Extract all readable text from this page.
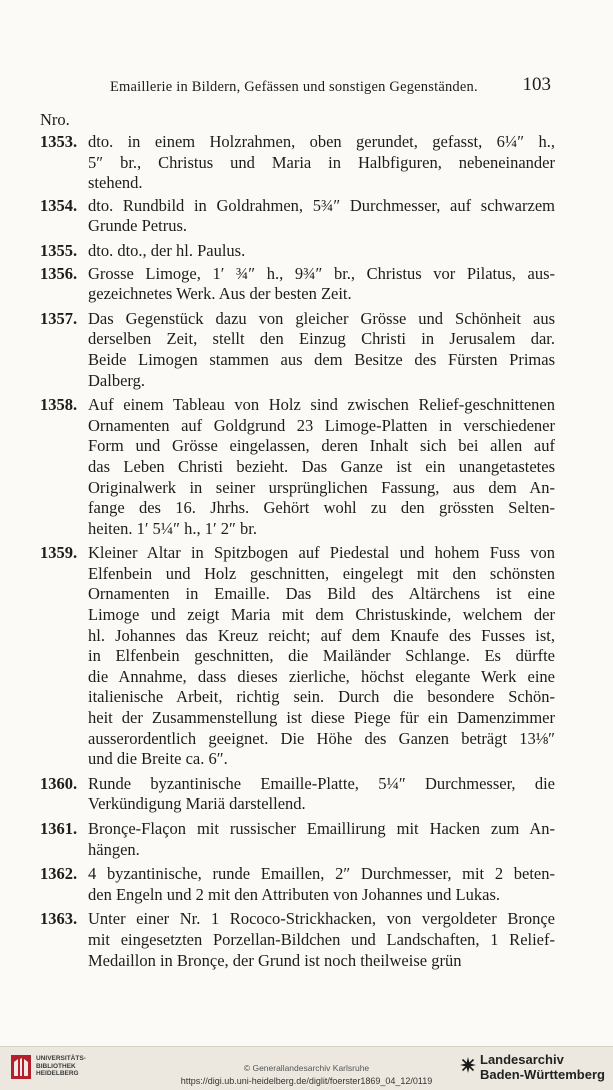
Emaillerie in Bildern, Gefässen und sonstigen Gegenständen. 103
Nro.
1353. dto. in einem Holzrahmen, oben gerundet, gefasst, 6¼″ h.,
5″ br., Christus und Maria in Halbfiguren, nebeneinander
stehend.
1354. dto. Rundbild in Goldrahmen, 5¾″ Durchmesser, auf schwarzem
Grunde Petrus.
1355. dto. dto., der hl. Paulus.
1356. Grosse Limoge, 1′ ¾″ h., 9¾″ br., Christus vor Pilatus, aus-
gezeichnetes Werk. Aus der besten Zeit.
1357. Das Gegenstück dazu von gleicher Grösse und Schönheit aus
derselben Zeit, stellt den Einzug Christi in Jerusalem dar.
Beide Limogen stammen aus dem Besitze des Fürsten Primas
Dalberg.
1358. Auf einem Tableau von Holz sind zwischen Relief-geschnittenen
Ornamenten auf Goldgrund 23 Limoge-Platten in verschiedener
Form und Grösse eingelassen, deren Inhalt sich bei allen auf
das Leben Christi bezieht. Das Ganze ist ein unangetastetes
Originalwerk in seiner ursprünglichen Fassung, aus dem An-
fange des 16. Jhrhs. Gehört wohl zu den grössten Selten-
heiten. 1′ 5¼″ h., 1′ 2″ br.
1359. Kleiner Altar in Spitzbogen auf Piedestal und hohem Fuss von
Elfenbein und Holz geschnitten, eingelegt mit den schönsten
Ornamenten in Emaille. Das Bild des Altärchens ist eine
Limoge und zeigt Maria mit dem Christuskinde, welchem der
hl. Johannes das Kreuz reicht; auf dem Knaufe des Fusses ist,
in Elfenbein geschnitten, die Mailänder Schlange. Es dürfte
die Annahme, dass dieses zierliche, höchst elegante Werk eine
italienische Arbeit, richtig sein. Durch die besondere Schön-
heit der Zusammenstellung ist diese Piege für ein Damenzimmer
ausserordentlich geeignet. Die Höhe des Ganzen beträgt 13⅛″
und die Breite ca. 6″.
1360. Runde byzantinische Emaille-Platte, 5¼″ Durchmesser, die
Verkündigung Mariä darstellend.
1361. Bronçe-Flaçon mit russischer Emaillirung mit Hacken zum An-
hängen.
1362. 4 byzantinische, runde Emaillen, 2″ Durchmesser, mit 2 beten-
den Engeln und 2 mit den Attributen von Johannes und Lukas.
1363. Unter einer Nr. 1 Rococo-Strickhacken, von vergoldeter Bronçe
mit eingesetzten Porzellan-Bildchen und Landschaften, 1 Relief-
Medaillon in Bronçe, der Grund ist noch theilweise grün
UNIVERSITÄTS-
BIBLIOTHEK
HEIDELBERG
© Generallandesarchiv Karlsruhe
https://digi.ub.uni-heidelberg.de/diglit/foerster1869_04_12/0119
Landesarchiv
Baden-Württemberg
